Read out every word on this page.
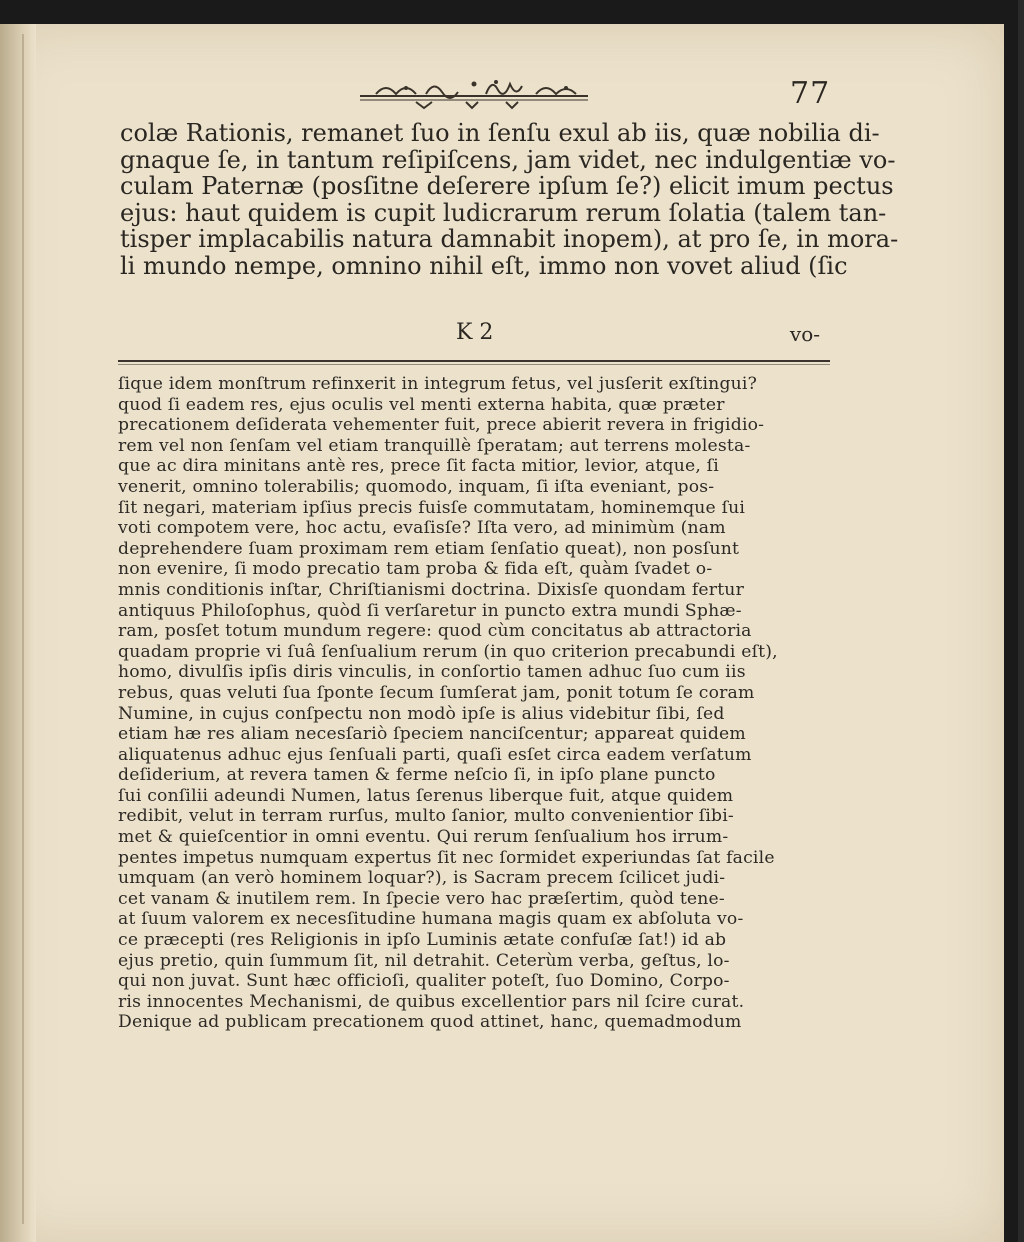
77
colæ Rationis, remanet ſuo in ſenſu exul ab iis, quæ nobilia di-
gnaque ſe, in tantum reſipiſcens, jam videt, nec indulgentiæ vo-
culam Paternæ (posſitne deſerere ipſum ſe?) elicit imum pectus
ejus: haut quidem is cupit ludicrarum rerum ſolatia (talem tan-
tisper implacabilis natura damnabit inopem), at pro ſe, in mora-
li mundo nempe, omnino nihil eſt, immo non vovet aliud (ſic
K 2	vo-
ſique idem monſtrum refinxerit in integrum fetus, vel jusſerit exſtingui?
quod ſi eadem res, ejus oculis vel menti externa habita, quæ præter
precationem deſiderata vehementer fuit, prece abierit revera in frigidio-
rem vel non ſenſam vel etiam tranquillè ſperatam; aut terrens molesta-
que ac dira minitans antè res, prece ſit facta mitior, levior, atque, ſi
venerit, omnino tolerabilis; quomodo, inquam, ſi iſta eveniant, pos-
ſit negari, materiam ipſius precis fuisſe commutatam, hominemque ſui
voti compotem vere, hoc actu, evaſisſe? Iſta vero, ad minimùm (nam
deprehendere ſuam proximam rem etiam ſenſatio queat), non posſunt
non evenire, ſi modo precatio tam proba & fida eſt, quàm ſvadet o-
mnis conditionis inſtar, Chriſtianismi doctrina. Dixisſe quondam fertur
antiquus Philoſophus, quòd ſi verſaretur in puncto extra mundi Sphæ-
ram, posſet totum mundum regere: quod cùm concitatus ab attractoria
quadam proprie vi ſuâ ſenſualium rerum (in quo criterion precabundi eſt),
homo, divulſis ipſis diris vinculis, in conſortio tamen adhuc ſuo cum iis
rebus, quas veluti ſua ſponte ſecum ſumſerat jam, ponit totum ſe coram
Numine, in cujus conſpectu non modò ipſe is alius videbitur ſibi, ſed
etiam hæ res aliam necesſariò ſpeciem nanciſcentur; appareat quidem
aliquatenus adhuc ejus ſenſuali parti, quaſi esſet circa eadem verſatum
deſiderium, at revera tamen & ferme neſcio ſi, in ipſo plane puncto
ſui conſilii adeundi Numen, latus ſerenus liberque fuit, atque quidem
redibit, velut in terram rurſus, multo ſanior, multo convenientior ſibi-
met & quieſcentior in omni eventu. Qui rerum ſenſualium hos irrum-
pentes impetus numquam expertus ſit nec ſormidet experiundas ſat facile
umquam (an verò hominem loquar?), is Sacram precem ſcilicet judi-
cet vanam & inutilem rem. In ſpecie vero hac præſertim, quòd tene-
at ſuum valorem ex necesſitudine humana magis quam ex abſoluta vo-
ce præcepti (res Religionis in ipſo Luminis ætate confuſæ ſat!) id ab
ejus pretio, quin ſummum ſit, nil detrahit. Ceterùm verba, geſtus, lo-
qui non juvat. Sunt hæc officioſi, qualiter poteſt, ſuo Domino, Corpo-
ris innocentes Mechanismi, de quibus excellentior pars nil ſcire curat.
Denique ad publicam precationem quod attinet, hanc, quemadmodum
